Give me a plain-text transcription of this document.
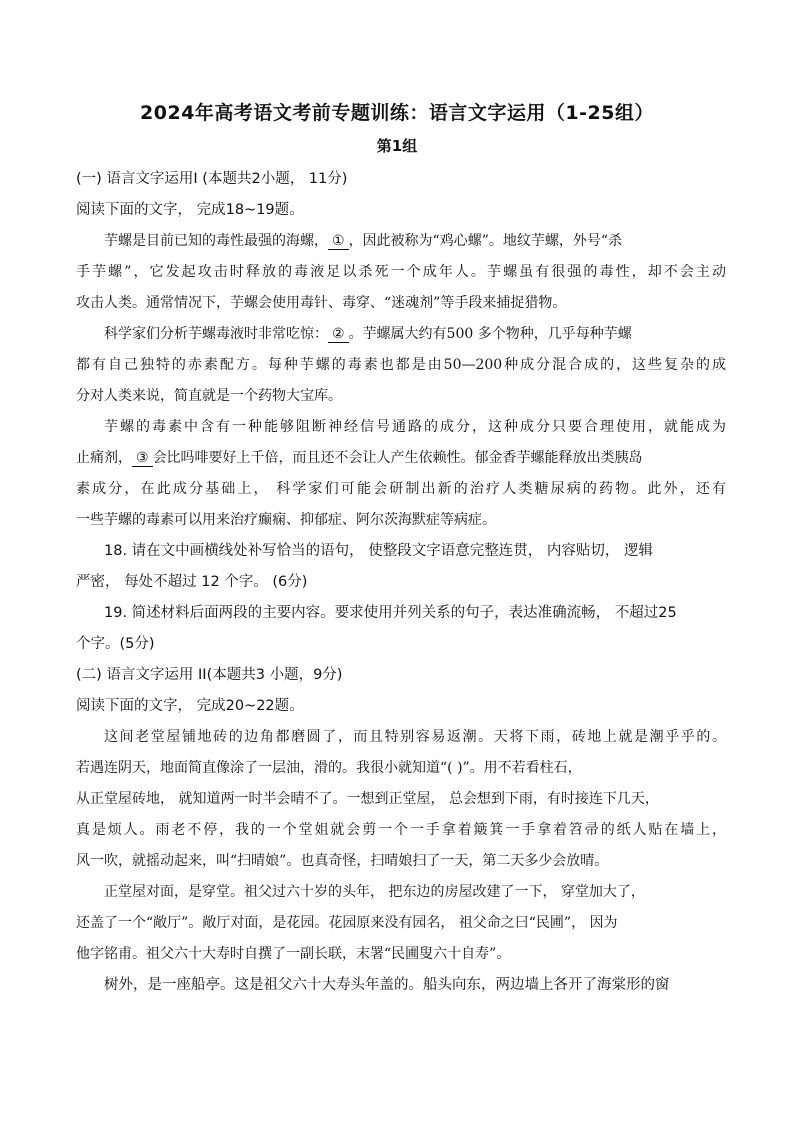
2024年高考语文考前专题训练：语言文字运用（1-25组）
第1组
(一) 语言文字运用Ⅰ (本题共2小题， 11分)
阅读下面的文字， 完成18~19题。
芋螺是目前已知的毒性最强的海螺， ① ，因此被称为“鸡心螺”。地纹芋螺，外号“杀
手芋螺”，它发起攻击时释放的毒液足以杀死一个成年人。芋螺虽有很强的毒性，却不会主动
攻击人类。通常情况下，芋螺会使用毒针、毒穿、“迷魂剂”等手段来捕捉猎物。
科学家们分析芋螺毒液时非常吃惊： ② 。芋螺属大约有500 多个物种，几乎每种芋螺
都有自己独特的赤素配方。每种芋螺的毒素也都是由50—200种成分混合成的，这些复杂的成
分对人类来说，简直就是一个药物大宝库。
芋螺的毒素中含有一种能够阻断神经信号通路的成分，这种成分只要合理使用，就能成为
止痛剂， ③ 会比吗啡要好上千倍，而且还不会让人产生依赖性。郁金香芋螺能释放出类胰岛
素成分，在此成分基础上， 科学家们可能会研制出新的治疗人类糖尿病的药物。此外，还有
一些芋螺的毒素可以用来治疗癫痫、抑郁症、阿尔茨海默症等病症。
18. 请在文中画横线处补写恰当的语句， 使整段文字语意完整连贯， 内容贴切， 逻辑
严密， 每处不超过 12 个字。 (6分)
19. 简述材料后面两段的主要内容。要求使用并列关系的句子，表达准确流畅， 不超过25
个字。(5分)
(二) 语言文字运用 II(本题共3 小题，9分)
阅读下面的文字， 完成20~22题。
这间老堂屋铺地砖的边角都磨圆了，而且特别容易返潮。天将下雨，砖地上就是潮乎乎的。
若遇连阴天，地面简直像涂了一层油，滑的。我很小就知道“( )”。用不若看柱石，
从正堂屋砖地， 就知道两一时半会晴不了。一想到正堂屋， 总会想到下雨，有时接连下几天，
真是烦人。雨老不停，我的一个堂姐就会剪一个一手拿着簸箕一手拿着笤帚的纸人贴在墙上，
风一吹，就摇动起来，叫“扫晴娘”。也真奇怪，扫晴娘扫了一天，第二天多少会放晴。
正堂屋对面，是穿堂。祖父过六十岁的头年， 把东边的房屋改建了一下， 穿堂加大了，
还盖了一个“敞厅”。敞厅对面，是花园。花园原来没有园名， 祖父命之曰“民圃”， 因为
他字铭甫。祖父六十大寿时自撰了一副长联，末署“民圃叟六十自寿”。
树外，是一座船亭。这是祖父六十大寿头年盖的。船头向东，两边墙上各开了海棠形的窗
